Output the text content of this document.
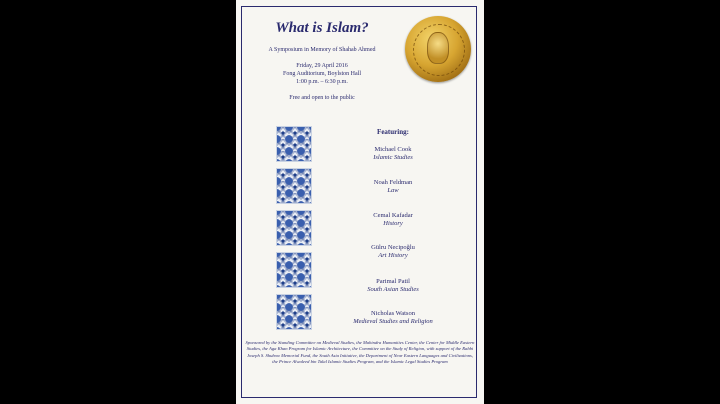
What is Islam?
A Symposium in Memory of Shahab Ahmed
Friday, 29 April 2016
Fong Auditorium, Boylston Hall
1:00 p.m. – 6:30 p.m.
Free and open to the public
Featuring:
Michael Cook
Islamic Studies
Noah Feldman
Law
Cemal Kafadar
History
Gülru Necipoğlu
Art History
Parimal Patil
South Asian Studies
Nicholas Watson
Medieval Studies and Religion
Sponsored by the Standing Committee on Medieval Studies, the Mahindra Humanities Center, the Center for Middle Eastern Studies, the Aga Khan Program for Islamic Architecture, the Committee on the Study of Religion, with support of the Rabbi Joseph S. Shubow Memorial Fund, the South Asia Initiative, the Department of Near Eastern Languages and Civilizations, the Prince Alwaleed bin Talal Islamic Studies Program, and the Islamic Legal Studies Program
